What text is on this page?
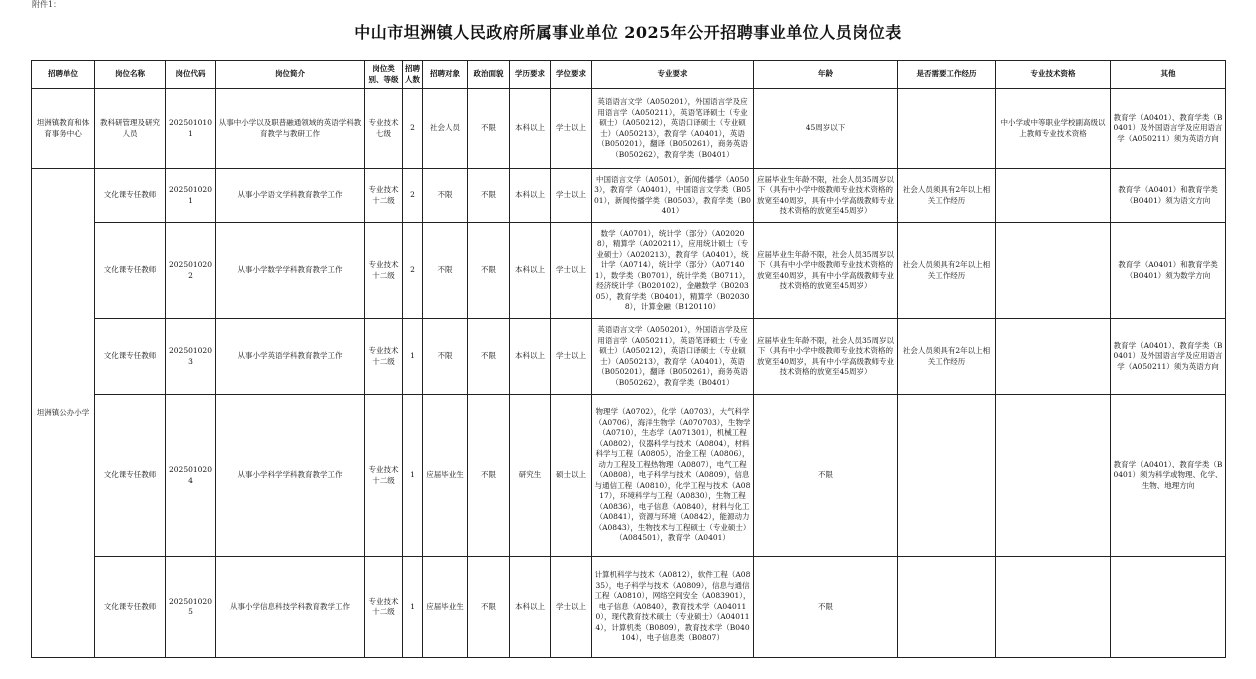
附件1：
中山市坦洲镇人民政府所属事业单位 2025年公开招聘事业单位人员岗位表
招聘单位	岗位名称	岗位代码	岗位简介	岗位类别、等级	招聘人数	招聘对象	政治面貌	学历要求	学位要求	专业要求	年龄	是否需要工作经历	专业技术资格	其他
坦洲镇教育和体育事务中心	教科研管理及研究人员	2025010101	从事中小学以及职普融通领域的英语学科教育教学与教研工作	专业技术七级	2	社会人员	不限	本科以上	学士以上	英语语言文学（A050201），外国语言学及应用语言学（A050211），英语笔译硕士（专业硕士）（A050212），英语口译硕士（专业硕士）（A050213），教育学（A0401），英语（B050201），翻译（B050261），商务英语（B050262），教育学类（B0401）	45周岁以下		中小学或中等职业学校副高级以上教师专业技术资格	教育学（A0401）、教育学类（B0401）及外国语言学及应用语言学（A050211）须为英语方向
坦洲镇公办小学	文化课专任教师	2025010201	从事小学语文学科教育教学工作	专业技术十二级	2	不限	不限	本科以上	学士以上	中国语言文学（A0501），新闻传播学（A0503），教育学（A0401），中国语言文学类（B0501），新闻传播学类（B0503），教育学类（B0401）	应届毕业生年龄不限，社会人员35周岁以下（具有中小学中级教师专业技术资格的放宽至40周岁，具有中小学高级教师专业技术资格的放宽至45周岁）	社会人员须具有2年以上相关工作经历		教育学（A0401）和教育学类（B0401）须为语文方向
	文化课专任教师	2025010202	从事小学数学学科教育教学工作	专业技术十二级	2	不限	不限	本科以上	学士以上	数学（A0701），统计学（部分）（A020208），精算学（A020211），应用统计硕士（专业硕士）（A020213），教育学（A0401），统计学（A0714），统计学（部分）（A071401），数学类（B0701），统计学类（B0711），经济统计学（B020102），金融数学（B020305），教育学类（B0401），精算学（B020308），计算金融（B120110）	应届毕业生年龄不限，社会人员35周岁以下（具有中小学中级教师专业技术资格的放宽至40周岁，具有中小学高级教师专业技术资格的放宽至45周岁）	社会人员须具有2年以上相关工作经历		教育学（A0401）和教育学类（B0401）须为数学方向
	文化课专任教师	2025010203	从事小学英语学科教育教学工作	专业技术十二级	1	不限	不限	本科以上	学士以上	英语语言文学（A050201），外国语言学及应用语言学（A050211），英语笔译硕士（专业硕士）（A050212），英语口译硕士（专业硕士）（A050213），教育学（A0401），英语（B050201），翻译（B050261），商务英语（B050262），教育学类（B0401）	应届毕业生年龄不限，社会人员35周岁以下（具有中小学中级教师专业技术资格的放宽至40周岁，具有中小学高级教师专业技术资格的放宽至45周岁）	社会人员须具有2年以上相关工作经历		教育学（A0401）、教育学类（B0401）及外国语言学及应用语言学（A050211）须为英语方向
	文化课专任教师	2025010204	从事小学科学学科教育教学工作	专业技术十二级	1	应届毕业生	不限	研究生	硕士以上	物理学（A0702），化学（A0703），大气科学（A0706），海洋生物学（A070703），生物学（A0710），生态学（A071301），机械工程（A0802），仪器科学与技术（A0804），材料科学与工程（A0805），冶金工程（A0806），动力工程及工程热物理（A0807），电气工程（A0808），电子科学与技术（A0809），信息与通信工程（A0810），化学工程与技术（A0817），环境科学与工程（A0830），生物工程（A0836），电子信息（A0840），材料与化工（A0841），资源与环境（A0842），能源动力（A0843），生物技术与工程硕士（专业硕士）（A084501），教育学（A0401）	不限			教育学（A0401）、教育学类（B0401）须为科学或物理、化学、生物、地理方向
	文化课专任教师	2025010205	从事小学信息科技学科教育教学工作	专业技术十二级	1	应届毕业生	不限	本科以上	学士以上	计算机科学与技术（A0812），软件工程（A0835），电子科学与技术（A0809），信息与通信工程（A0810），网络空间安全（A083901），电子信息（A0840），教育技术学（A040110），现代教育技术硕士（专业硕士）（A040114），计算机类（B0809），教育技术学（B040104），电子信息类（B0807）	不限			
